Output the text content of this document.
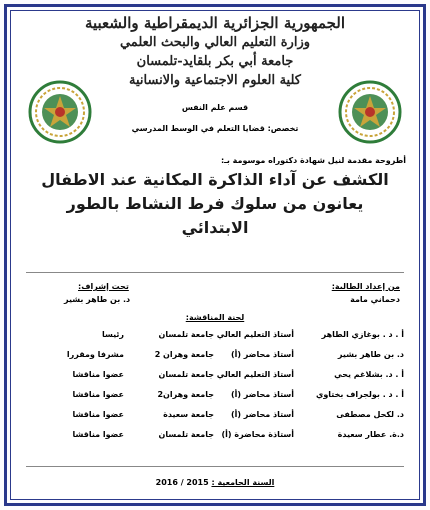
الجمهورية الجزائرية الديمقراطية والشعبية
وزارة التعليم العالي والبحث العلمي
جامعة أبي بكر بلقايد-تلمسان
كلية العلوم الاجتماعية والانسانية
قسم علم النفس
تخصص: قضايا التعلم في الوسط المدرسي
أطروحة مقدمة لنيل شهادة دكتوراه موسومة بـ:
الكشف عن آداء الذاكرة المكانية عند الاطفال
يعانون من سلوك فرط النشاط بالطور
الابتدائي
من إعداد الطالبة:
دحماني مامة
تحت إشراف:
د. بن طاهر بشير
لجنة المناقشة:
أ . د . بوغازي الطاهر
أستاذ التعليم العالي
جامعة تلمسان
رئيسا
د. بن طاهر بشير
أستاذ محاضر (أ)
جامعة وهران 2
مشرفا ومقررا
أ . د. بشلاغم يحي
أستاذ التعليم العالي
جامعة تلمسان
عضوا مناقشا
أ . د . بولجراف بختاوي
أستاذ محاضر (أ)
جامعة وهران2
عضوا مناقشا
د. لكحل مصطفى
أستاذ محاضر (أ)
جامعة سعيدة
عضوا مناقشا
د.ة. عطار سعيدة
أستاذة محاضرة (أ)
جامعة تلمسان
عضوا مناقشا
السنة الجامعية : 2015 / 2016
